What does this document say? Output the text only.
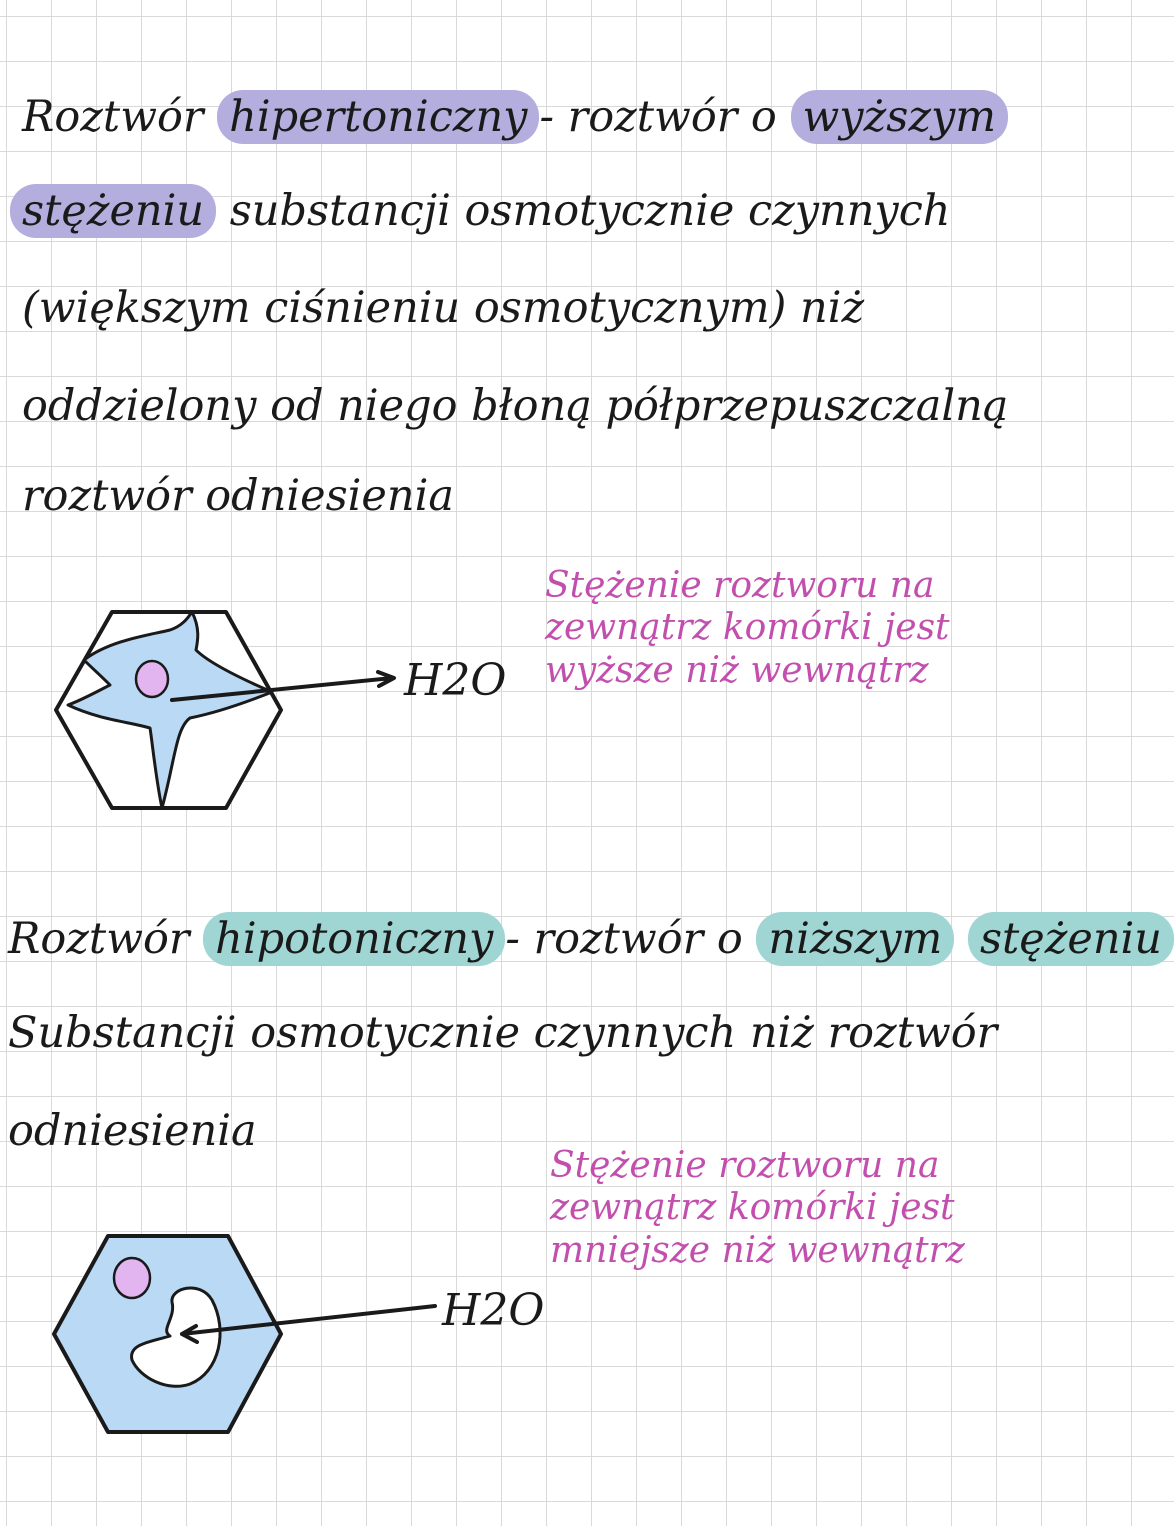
Roztwór hipertoniczny - roztwór o wyższym
stężeniu substancji osmotycznie czynnych
(większym ciśnieniu osmotycznym) niż
oddzielony od niego błoną półprzepuszczalną
roztwór odniesienia
Stężenie roztworu na
zewnątrz komórki jest
wyższe niż wewnątrz
Roztwór hipotoniczny - roztwór o niższym stężeniu
Substancji osmotycznie czynnych niż roztwór
odniesienia
Stężenie roztworu na
zewnątrz komórki jest
mniejsze niż wewnątrz
H2O
H2O
